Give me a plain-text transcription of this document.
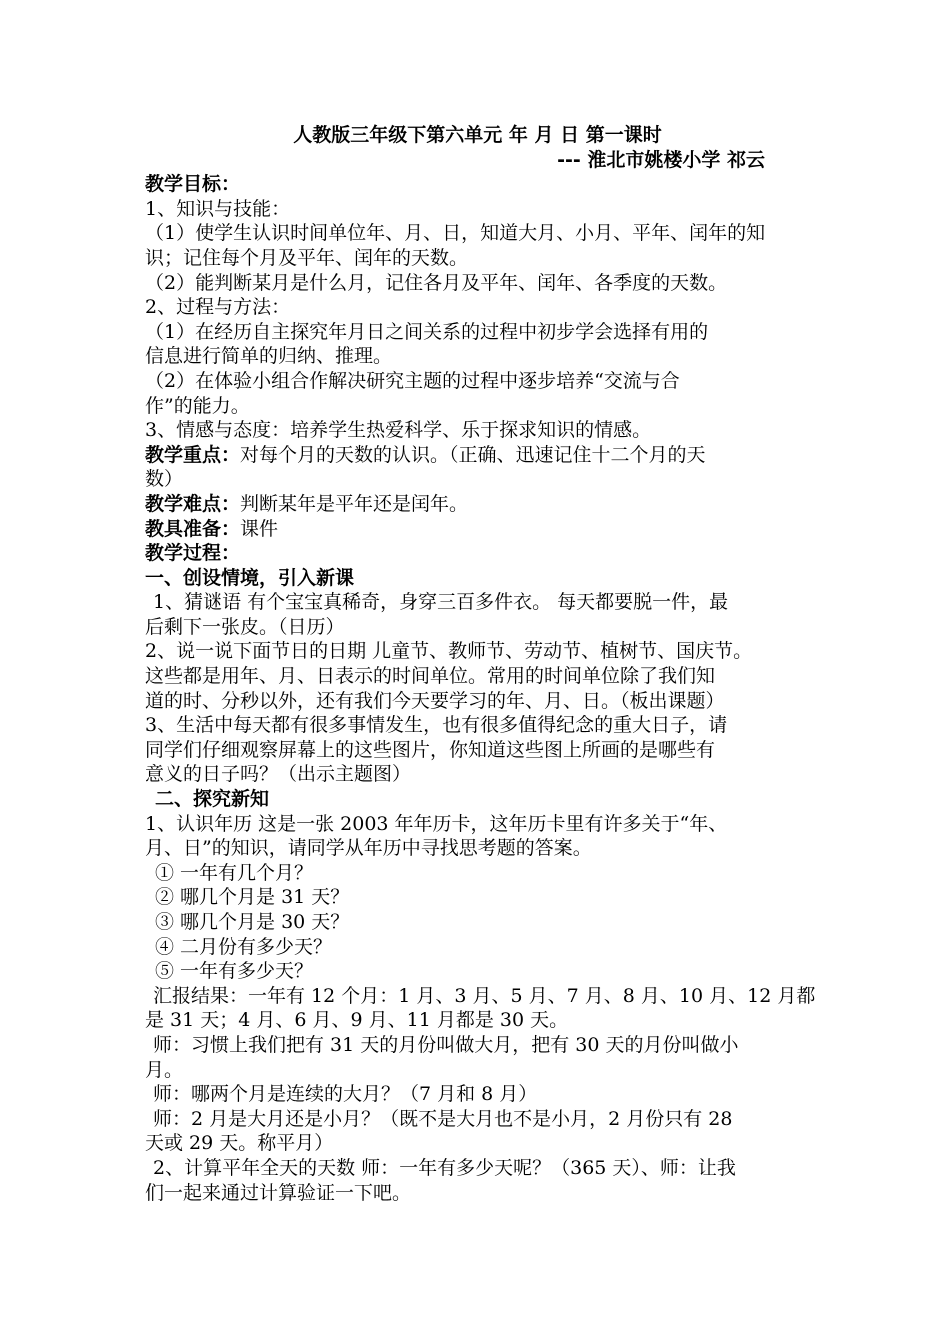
人教版三年级下第六单元 年 月 日 第一课时
--- 淮北市姚楼小学 祁云
教学目标：
1、知识与技能：
（1）使学生认识时间单位年、月、日，知道大月、小月、平年、闰年的知
识；记住每个月及平年、闰年的天数。
（2）能判断某月是什么月，记住各月及平年、闰年、各季度的天数。
2、过程与方法：
（1）在经历自主探究年月日之间关系的过程中初步学会选择有用的
信息进行简单的归纳、推理。
（2）在体验小组合作解决研究主题的过程中逐步培养“交流与合
作”的能力。
3、情感与态度：培养学生热爱科学、乐于探求知识的情感。
教学重点：对每个月的天数的认识。（正确、迅速记住十二个月的天
数）
教学难点：判断某年是平年还是闰年。
教具准备：课件
教学过程：
一、创设情境，引入新课
1、猜谜语 有个宝宝真稀奇，身穿三百多件衣。 每天都要脱一件，最
后剩下一张皮。（日历）
2、说一说下面节日的日期 儿童节、教师节、劳动节、植树节、国庆节。
这些都是用年、月、日表示的时间单位。常用的时间单位除了我们知
道的时、分秒以外，还有我们今天要学习的年、月、日。（板出课题）
3、生活中每天都有很多事情发生，也有很多值得纪念的重大日子，请
同学们仔细观察屏幕上的这些图片，你知道这些图上所画的是哪些有
意义的日子吗？（出示主题图）
二、探究新知
1、认识年历 这是一张 2003 年年历卡，这年历卡里有许多关于“年、
月、日”的知识，请同学从年历中寻找思考题的答案。
① 一年有几个月？
② 哪几个月是 31 天？
③ 哪几个月是 30 天？
④ 二月份有多少天？
⑤ 一年有多少天？
汇报结果：一年有 12 个月：1 月、3 月、5 月、7 月、8 月、10 月、12 月都
是 31 天；4 月、6 月、9 月、11 月都是 30 天。
师：习惯上我们把有 31 天的月份叫做大月，把有 30 天的月份叫做小
月。
师：哪两个月是连续的大月？（7 月和 8 月）
师：2 月是大月还是小月？（既不是大月也不是小月，2 月份只有 28
天或 29 天。称平月）
2、计算平年全天的天数 师：一年有多少天呢？（365 天）、师：让我
们一起来通过计算验证一下吧。
